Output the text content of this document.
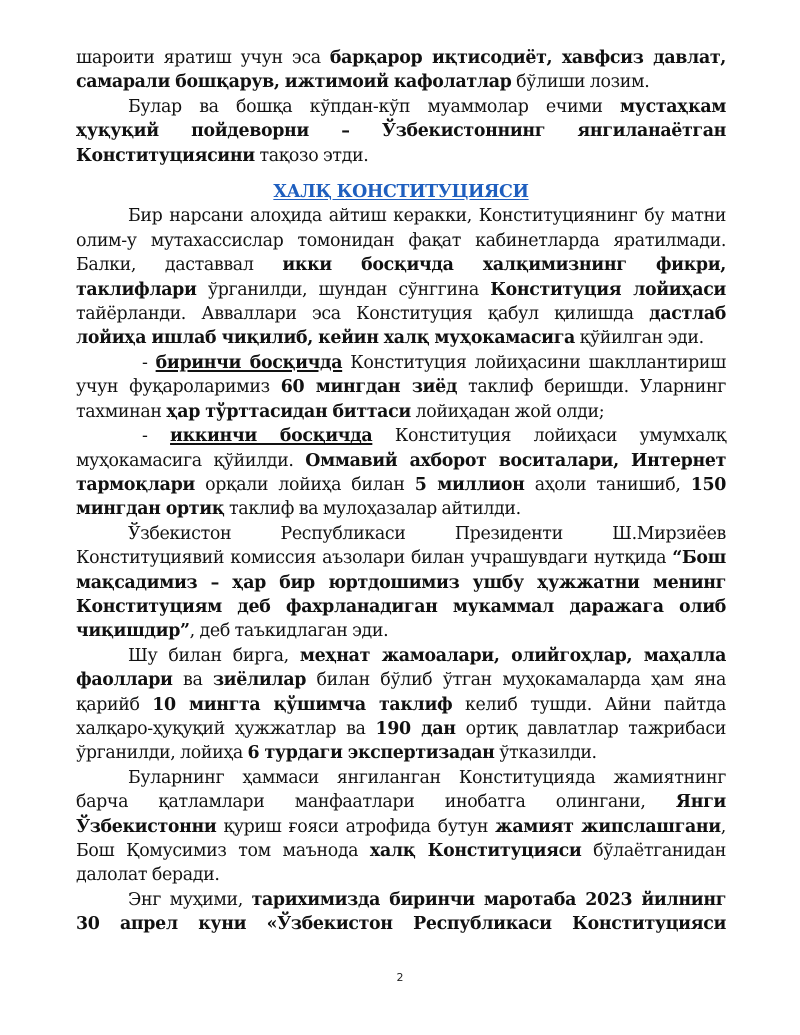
шароити яратиш учун эса барқарор иқтисодиёт, хавфсиз давлат, самарали бошқарув, ижтимоий кафолатлар бўлиши лозим.

Булар ва бошқа кўпдан-кўп муаммолар ечими мустаҳкам ҳуқуқий пойдеворни – Ўзбекистоннинг янгиланаётган Конституциясини тақозо этди.

ХАЛҚ КОНСТИТУЦИЯСИ

Бир нарсани алоҳида айтиш керакки, Конституциянинг бу матни олим-у мутахассислар томонидан фақат кабинетларда яратилмади. Балки, даставвал икки босқичда халқимизнинг фикри, таклифлари ўрганилди, шундан сўнггина Конституция лойиҳаси тайёрланди. Авваллари эса Конституция қабул қилишда дастлаб лойиҳа ишлаб чиқилиб, кейин халқ муҳокамасига қўйилган эди.

- биринчи босқичда Конституция лойиҳасини шакллантириш учун фуқароларимиз 60 мингдан зиёд таклиф беришди. Уларнинг тахминан ҳар тўрттасидан биттаси лойиҳадан жой олди;

- иккинчи босқичда Конституция лойиҳаси умумхалқ муҳокамасига қўйилди. Оммавий ахборот воситалари, Интернет тармоқлари орқали лойиҳа билан 5 миллион аҳоли танишиб, 150 мингдан ортиқ таклиф ва мулоҳазалар айтилди.

Ўзбекистон Республикаси Президенти Ш.Мирзиёев Конституциявий комиссия аъзолари билан учрашувдаги нутқида “Бош мақсадимиз – ҳар бир юртдошимиз ушбу ҳужжатни менинг Конституциям деб фахрланадиган мукаммал даражага олиб чиқишдир”, деб таъкидлаган эди.

Шу билан бирга, меҳнат жамоалари, олийгоҳлар, маҳалла фаоллари ва зиёлилар билан бўлиб ўтган муҳокамаларда ҳам яна қарийб 10 мингта қўшимча таклиф келиб тушди. Айни пайтда халқаро-ҳуқуқий ҳужжатлар ва 190 дан ортиқ давлатлар тажрибаси ўрганилди, лойиҳа 6 турдаги экспертизадан ўтказилди.

Буларнинг ҳаммаси янгиланган Конституцияда жамиятнинг барча қатламлари манфаатлари инобатга олингани, Янги Ўзбекистонни қуриш ғояси атрофида бутун жамият жипслашгани, Бош Қомусимиз том маънода халқ Конституцияси бўлаётганидан далолат беради.

Энг муҳими, тарихимизда биринчи маротаба 2023 йилнинг 30 апрел куни «Ўзбекистон Республикаси Конституцияси

2
